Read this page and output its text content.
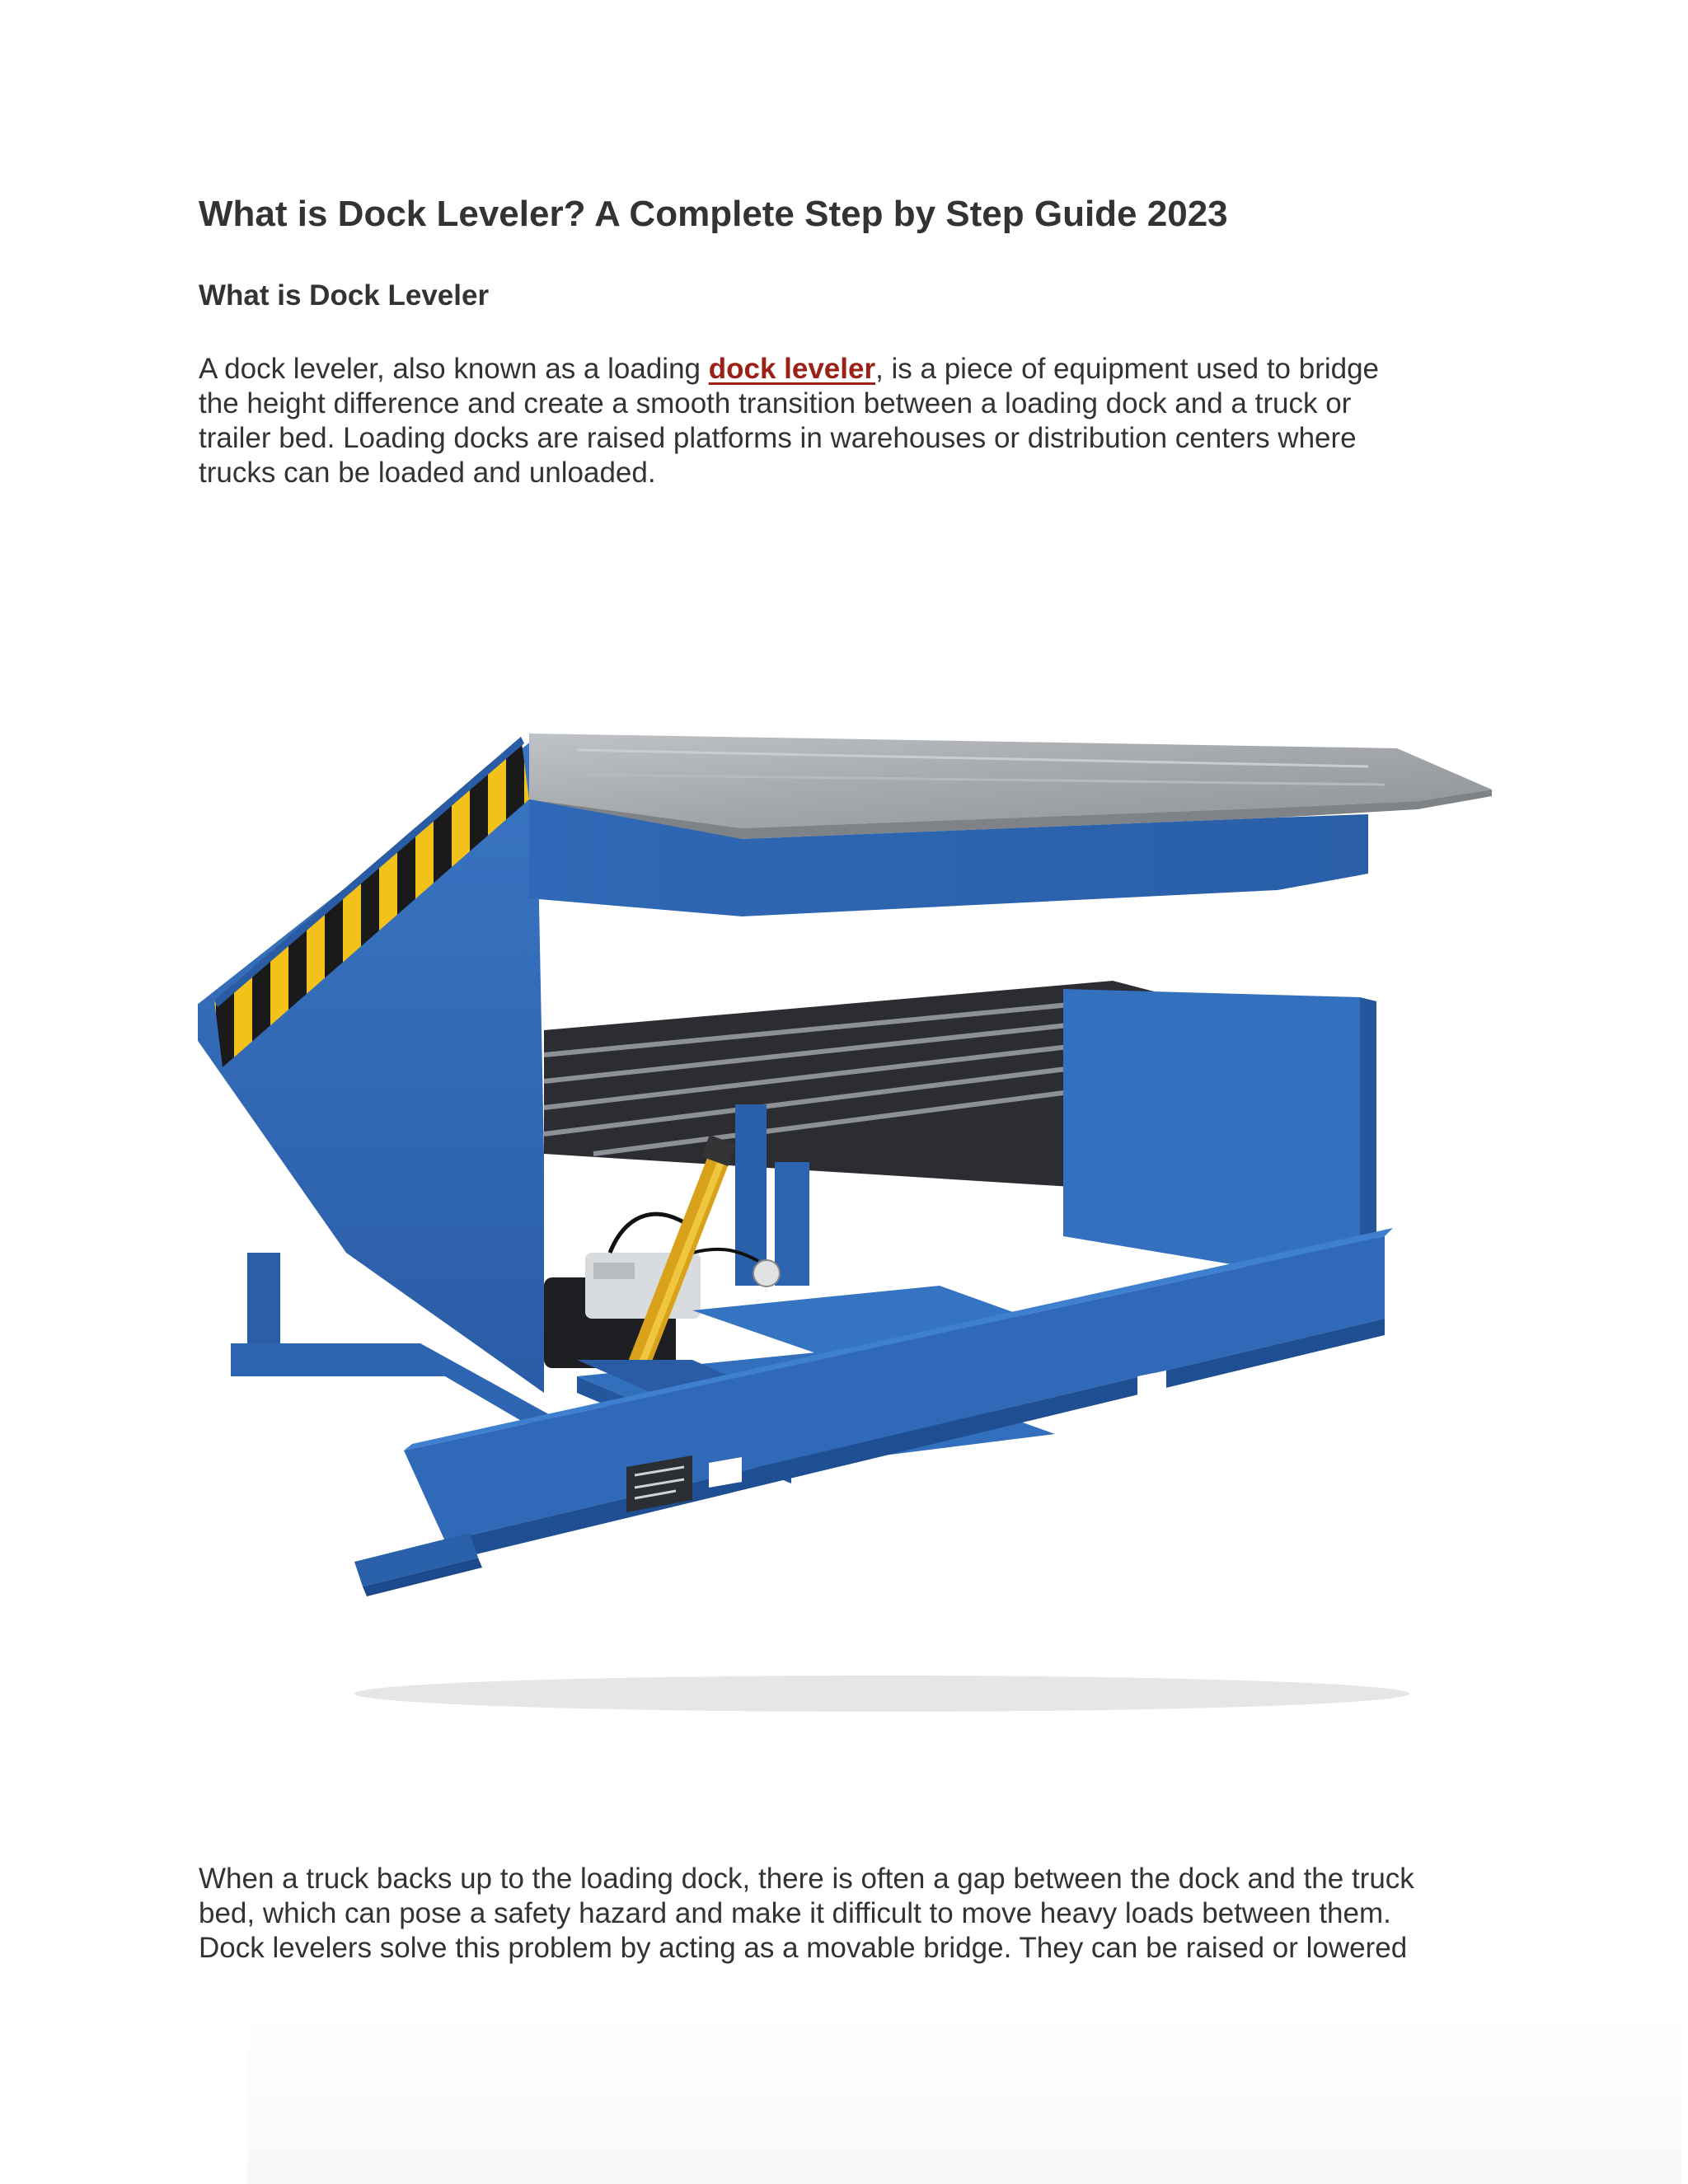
What is Dock Leveler? A Complete Step by Step Guide 2023
What is Dock Leveler

A dock leveler, also known as a loading dock leveler, is a piece of equipment used to bridge
the height difference and create a smooth transition between a loading dock and a truck or
trailer bed. Loading docks are raised platforms in warehouses or distribution centers where
trucks can be loaded and unloaded.

When a truck backs up to the loading dock, there is often a gap between the dock and the truck
bed, which can pose a safety hazard and make it difficult to move heavy loads between them.
Dock levelers solve this problem by acting as a movable bridge. They can be raised or lowered
